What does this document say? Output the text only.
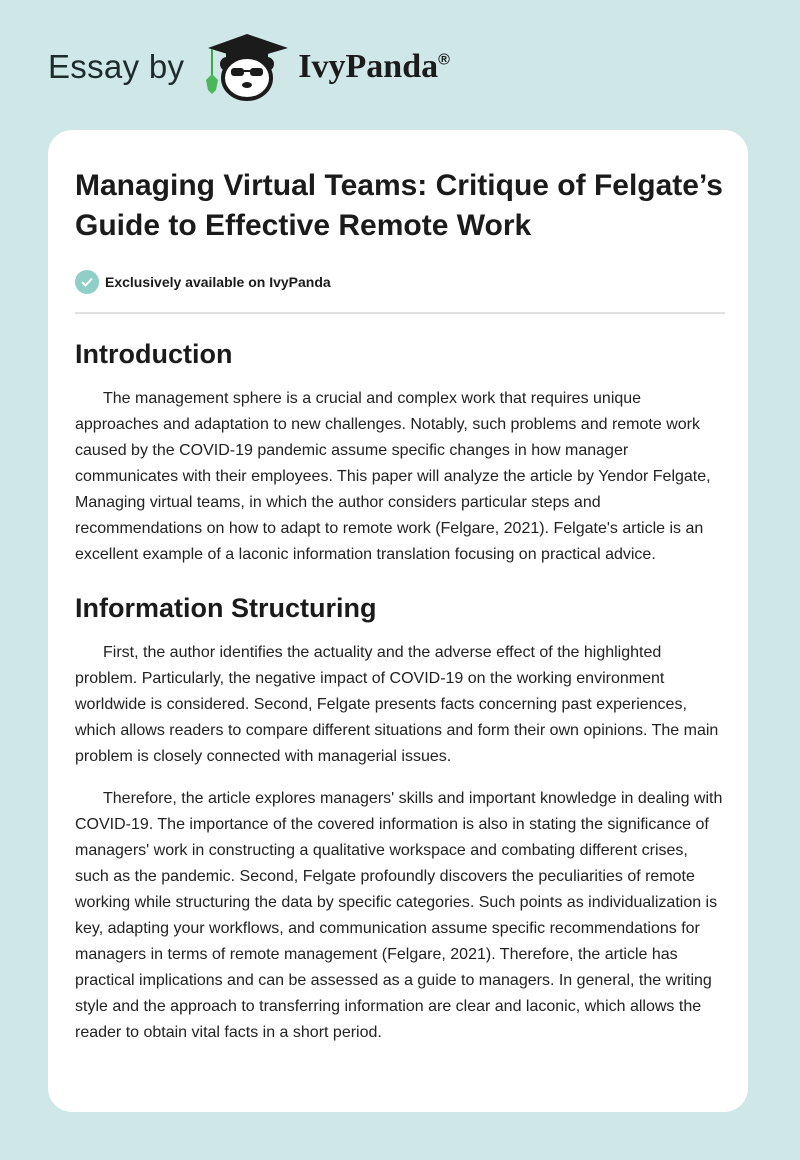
Essay by	IvyPanda®
Managing Virtual Teams: Critique of Felgate’s Guide to Effective Remote Work
Exclusively available on IvyPanda
Introduction

The management sphere is a crucial and complex work that requires unique approaches and adaptation to new challenges. Notably, such problems and remote work caused by the COVID-19 pandemic assume specific changes in how manager communicates with their employees. This paper will analyze the article by Yendor Felgate, Managing virtual teams, in which the author considers particular steps and recommendations on how to adapt to remote work (Felgare, 2021). Felgate's article is an excellent example of a laconic information translation focusing on practical advice.

Information Structuring

First, the author identifies the actuality and the adverse effect of the highlighted problem. Particularly, the negative impact of COVID-19 on the working environment worldwide is considered. Second, Felgate presents facts concerning past experiences, which allows readers to compare different situations and form their own opinions. The main problem is closely connected with managerial issues.

Therefore, the article explores managers' skills and important knowledge in dealing with COVID-19. The importance of the covered information is also in stating the significance of managers' work in constructing a qualitative workspace and combating different crises, such as the pandemic. Second, Felgate profoundly discovers the peculiarities of remote working while structuring the data by specific categories. Such points as individualization is key, adapting your workflows, and communication assume specific recommendations for managers in terms of remote management (Felgare, 2021). Therefore, the article has practical implications and can be assessed as a guide to managers. In general, the writing style and the approach to transferring information are clear and laconic, which allows the reader to obtain vital facts in a short period.
